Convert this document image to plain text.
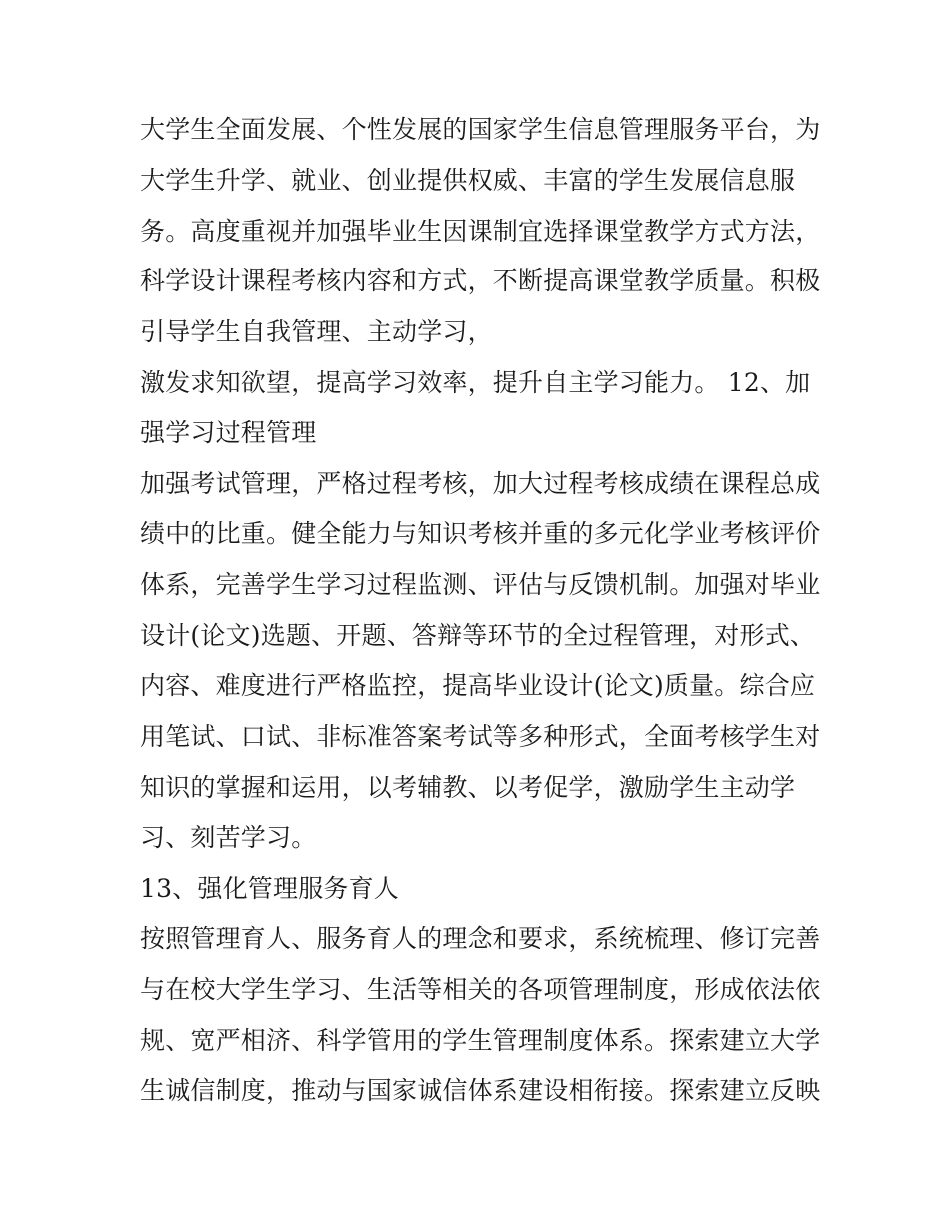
大学生全面发展、个性发展的国家学生信息管理服务平台，为
大学生升学、就业、创业提供权威、丰富的学生发展信息服
务。高度重视并加强毕业生因课制宜选择课堂教学方式方法，
科学设计课程考核内容和方式，不断提高课堂教学质量。积极
引导学生自我管理、主动学习，
激发求知欲望，提高学习效率，提升自主学习能力。 12、加
强学习过程管理
加强考试管理，严格过程考核，加大过程考核成绩在课程总成
绩中的比重。健全能力与知识考核并重的多元化学业考核评价
体系，完善学生学习过程监测、评估与反馈机制。加强对毕业
设计(论文)选题、开题、答辩等环节的全过程管理，对形式、
内容、难度进行严格监控，提高毕业设计(论文)质量。综合应
用笔试、口试、非标准答案考试等多种形式，全面考核学生对
知识的掌握和运用，以考辅教、以考促学，激励学生主动学
习、刻苦学习。
13、强化管理服务育人
按照管理育人、服务育人的理念和要求，系统梳理、修订完善
与在校大学生学习、生活等相关的各项管理制度，形成依法依
规、宽严相济、科学管用的学生管理制度体系。探索建立大学
生诚信制度，推动与国家诚信体系建设相衔接。探索建立反映
